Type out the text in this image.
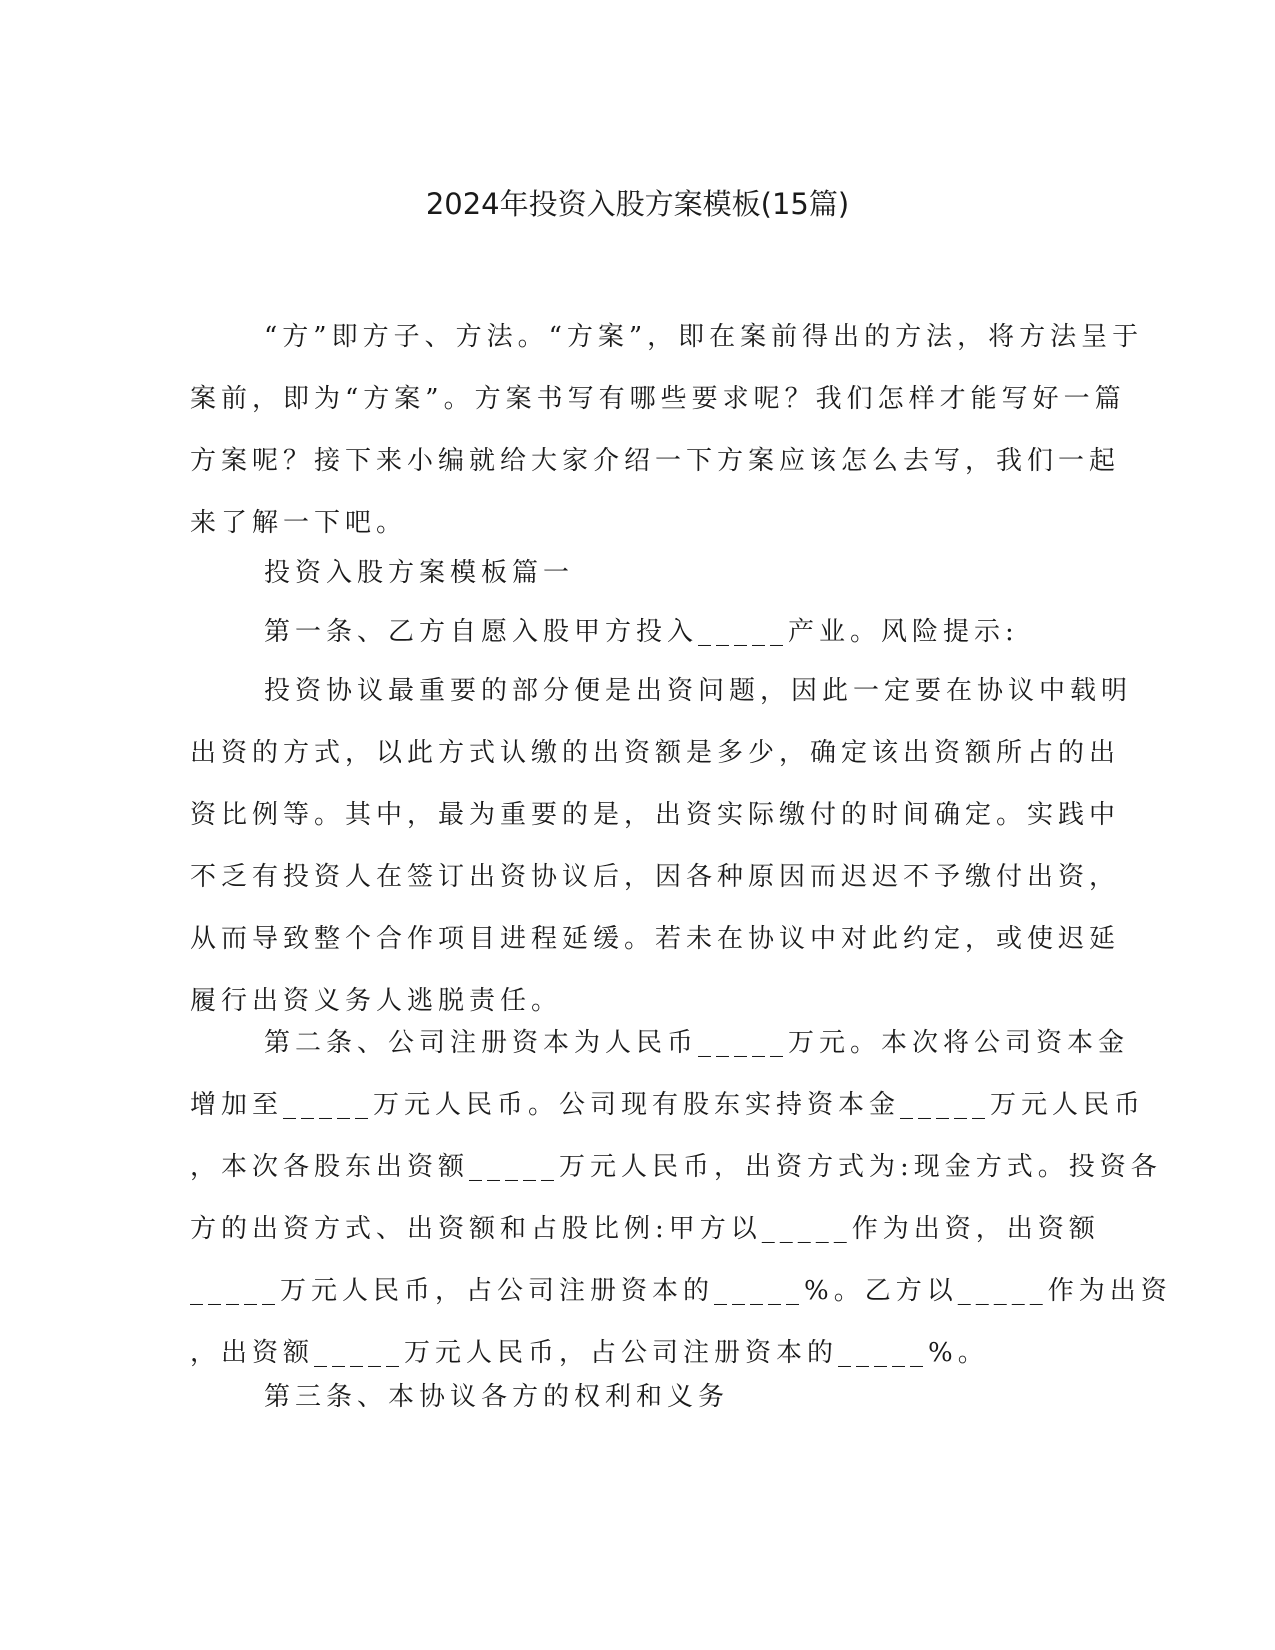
2024年投资入股方案模板(15篇)
“方”即方子、方法。“方案”，即在案前得出的方法，将方法呈于
案前，即为“方案”。方案书写有哪些要求呢？我们怎样才能写好一篇
方案呢？接下来小编就给大家介绍一下方案应该怎么去写，我们一起
来了解一下吧。
投资入股方案模板篇一
第一条、乙方自愿入股甲方投入_____产业。风险提示:
投资协议最重要的部分便是出资问题，因此一定要在协议中载明
出资的方式，以此方式认缴的出资额是多少，确定该出资额所占的出
资比例等。其中，最为重要的是，出资实际缴付的时间确定。实践中
不乏有投资人在签订出资协议后，因各种原因而迟迟不予缴付出资，
从而导致整个合作项目进程延缓。若未在协议中对此约定，或使迟延
履行出资义务人逃脱责任。
第二条、公司注册资本为人民币_____万元。本次将公司资本金
增加至_____万元人民币。公司现有股东实持资本金_____万元人民币
，本次各股东出资额_____万元人民币，出资方式为:现金方式。投资各
方的出资方式、出资额和占股比例:甲方以_____作为出资，出资额
_____万元人民币，占公司注册资本的_____%。乙方以_____作为出资
，出资额_____万元人民币，占公司注册资本的_____%。
第三条、本协议各方的权利和义务
